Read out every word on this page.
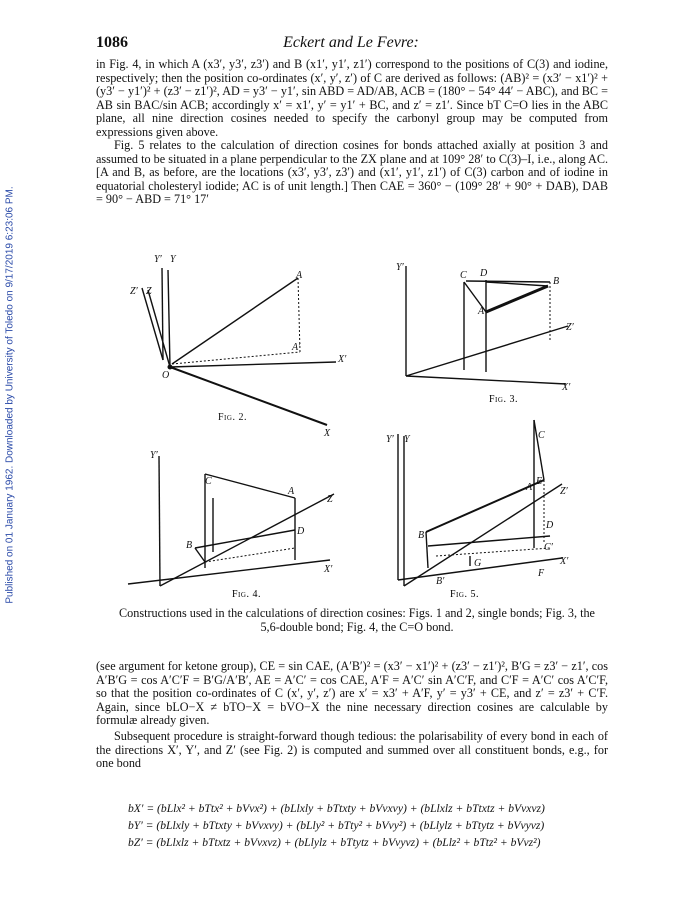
Published on 01 January 1962. Downloaded by University of Toledo on 9/17/2019 6:23:06 PM.
1086	Eckert and Le Fevre:

in Fig. 4, in which A (x3′, y3′, z3′) and B (x1′, y1′, z1′) correspond to the positions of C(3) and iodine, respectively; then the position co-ordinates (x′, y′, z′) of C are derived as follows: (AB)² = (x3′ − x1′)² + (y3′ − y1′)² + (z3′ − z1′)², AD = y3′ − y1′, sin ABD = AD/AB, ACB = (180° − 54° 44′ − ABC), and BC = AB sin BAC/sin ACB; accordingly x′ = x1′, y′ = y1′ + BC, and z′ = z1′. Since bT C=O lies in the ABC plane, all nine direction cosines needed to specify the carbonyl group may be computed from expressions given above.

Fig. 5 relates to the calculation of direction cosines for bonds attached axially at position 3 and assumed to be situated in a plane perpendicular to the ZX plane and at 109° 28′ to C(3)–I, i.e., along AC. [A and B, as before, are the locations (x3′, y3′, z3′) and (x1′, y1′, z1′) of C(3) carbon and of iodine in equatorial cholesteryl iodide; AC is of unit length.] Then CAE = 360° − (109° 28′ + 90° + DAB), DAB = 90° − ABD = 71° 17′

Y′ Y
Z′ Z
A
A′
O
X′
X
Y′
C D
B
A
Z′
X′
Fig. 3.
Y′
C
A
Z
D
B
X′
Fig. 4.
Y′ Y	C
A
E
Z′
D
B
C′
B′
G
F
X′
Fig. 5.
Fig. 2.
Constructions used in the calculations of direction cosines: Figs. 1 and 2, single bonds; Fig. 3, the 5,6-double bond; Fig. 4, the C=O bond.

(see argument for ketone group), CE = sin CAE, (A′B′)² = (x3′ − x1′)² + (z3′ − z1′)², B′G = z3′ − z1′, cos A′B′G = cos A′C′F = B′G/A′B′, AE = A′C′ = cos CAE, A′F = A′C′ sin A′C′F, and C′F = A′C′ cos A′C′F, so that the position co-ordinates of C (x′, y′, z′) are x′ = x3′ + A′F, y′ = y3′ + CE, and z′ = z3′ + C′F. Again, since bLO−X ≠ bTO−X = bVO−X the nine necessary direction cosines are calculable by formulæ already given.

Subsequent procedure is straight-forward though tedious: the polarisability of every bond in each of the directions X′, Y′, and Z′ (see Fig. 2) is computed and summed over all constituent bonds, e.g., for one bond

bX′ = (bLlx² + bTtx² + bVvx²) + (bLlxly + bTtxty + bVvxvy) + (bLlxlz + bTtxtz + bVvxvz)
bY′ = (bLlxly + bTtxty + bVvxvy) + (bLly² + bTty² + bVvy²) + (bLlylz + bTtytz + bVvyvz)
bZ′ = (bLlxlz + bTtxtz + bVvxvz) + (bLlylz + bTtytz + bVvyvz) + (bLlz² + bTtz² + bVvz²)
